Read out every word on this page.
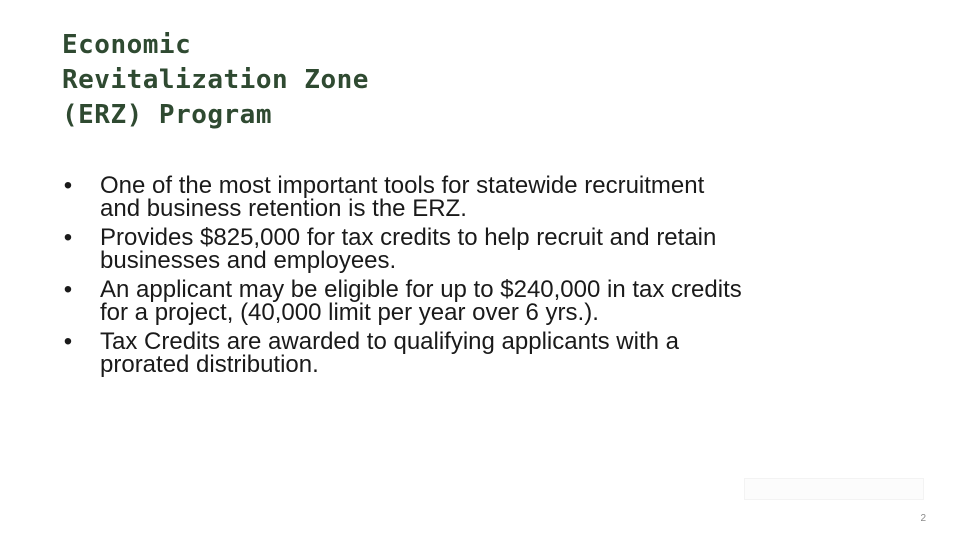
Economic
Revitalization Zone
(ERZ) Program
• One of the most important tools for statewide recruitment and business retention is the ERZ.
• Provides $825,000 for tax credits to help recruit and retain businesses and employees.
• An applicant may be eligible for up to $240,000 in tax credits for a project, (40,000 limit per year over 6 yrs.).
• Tax Credits are awarded to qualifying applicants with a prorated distribution.
2
